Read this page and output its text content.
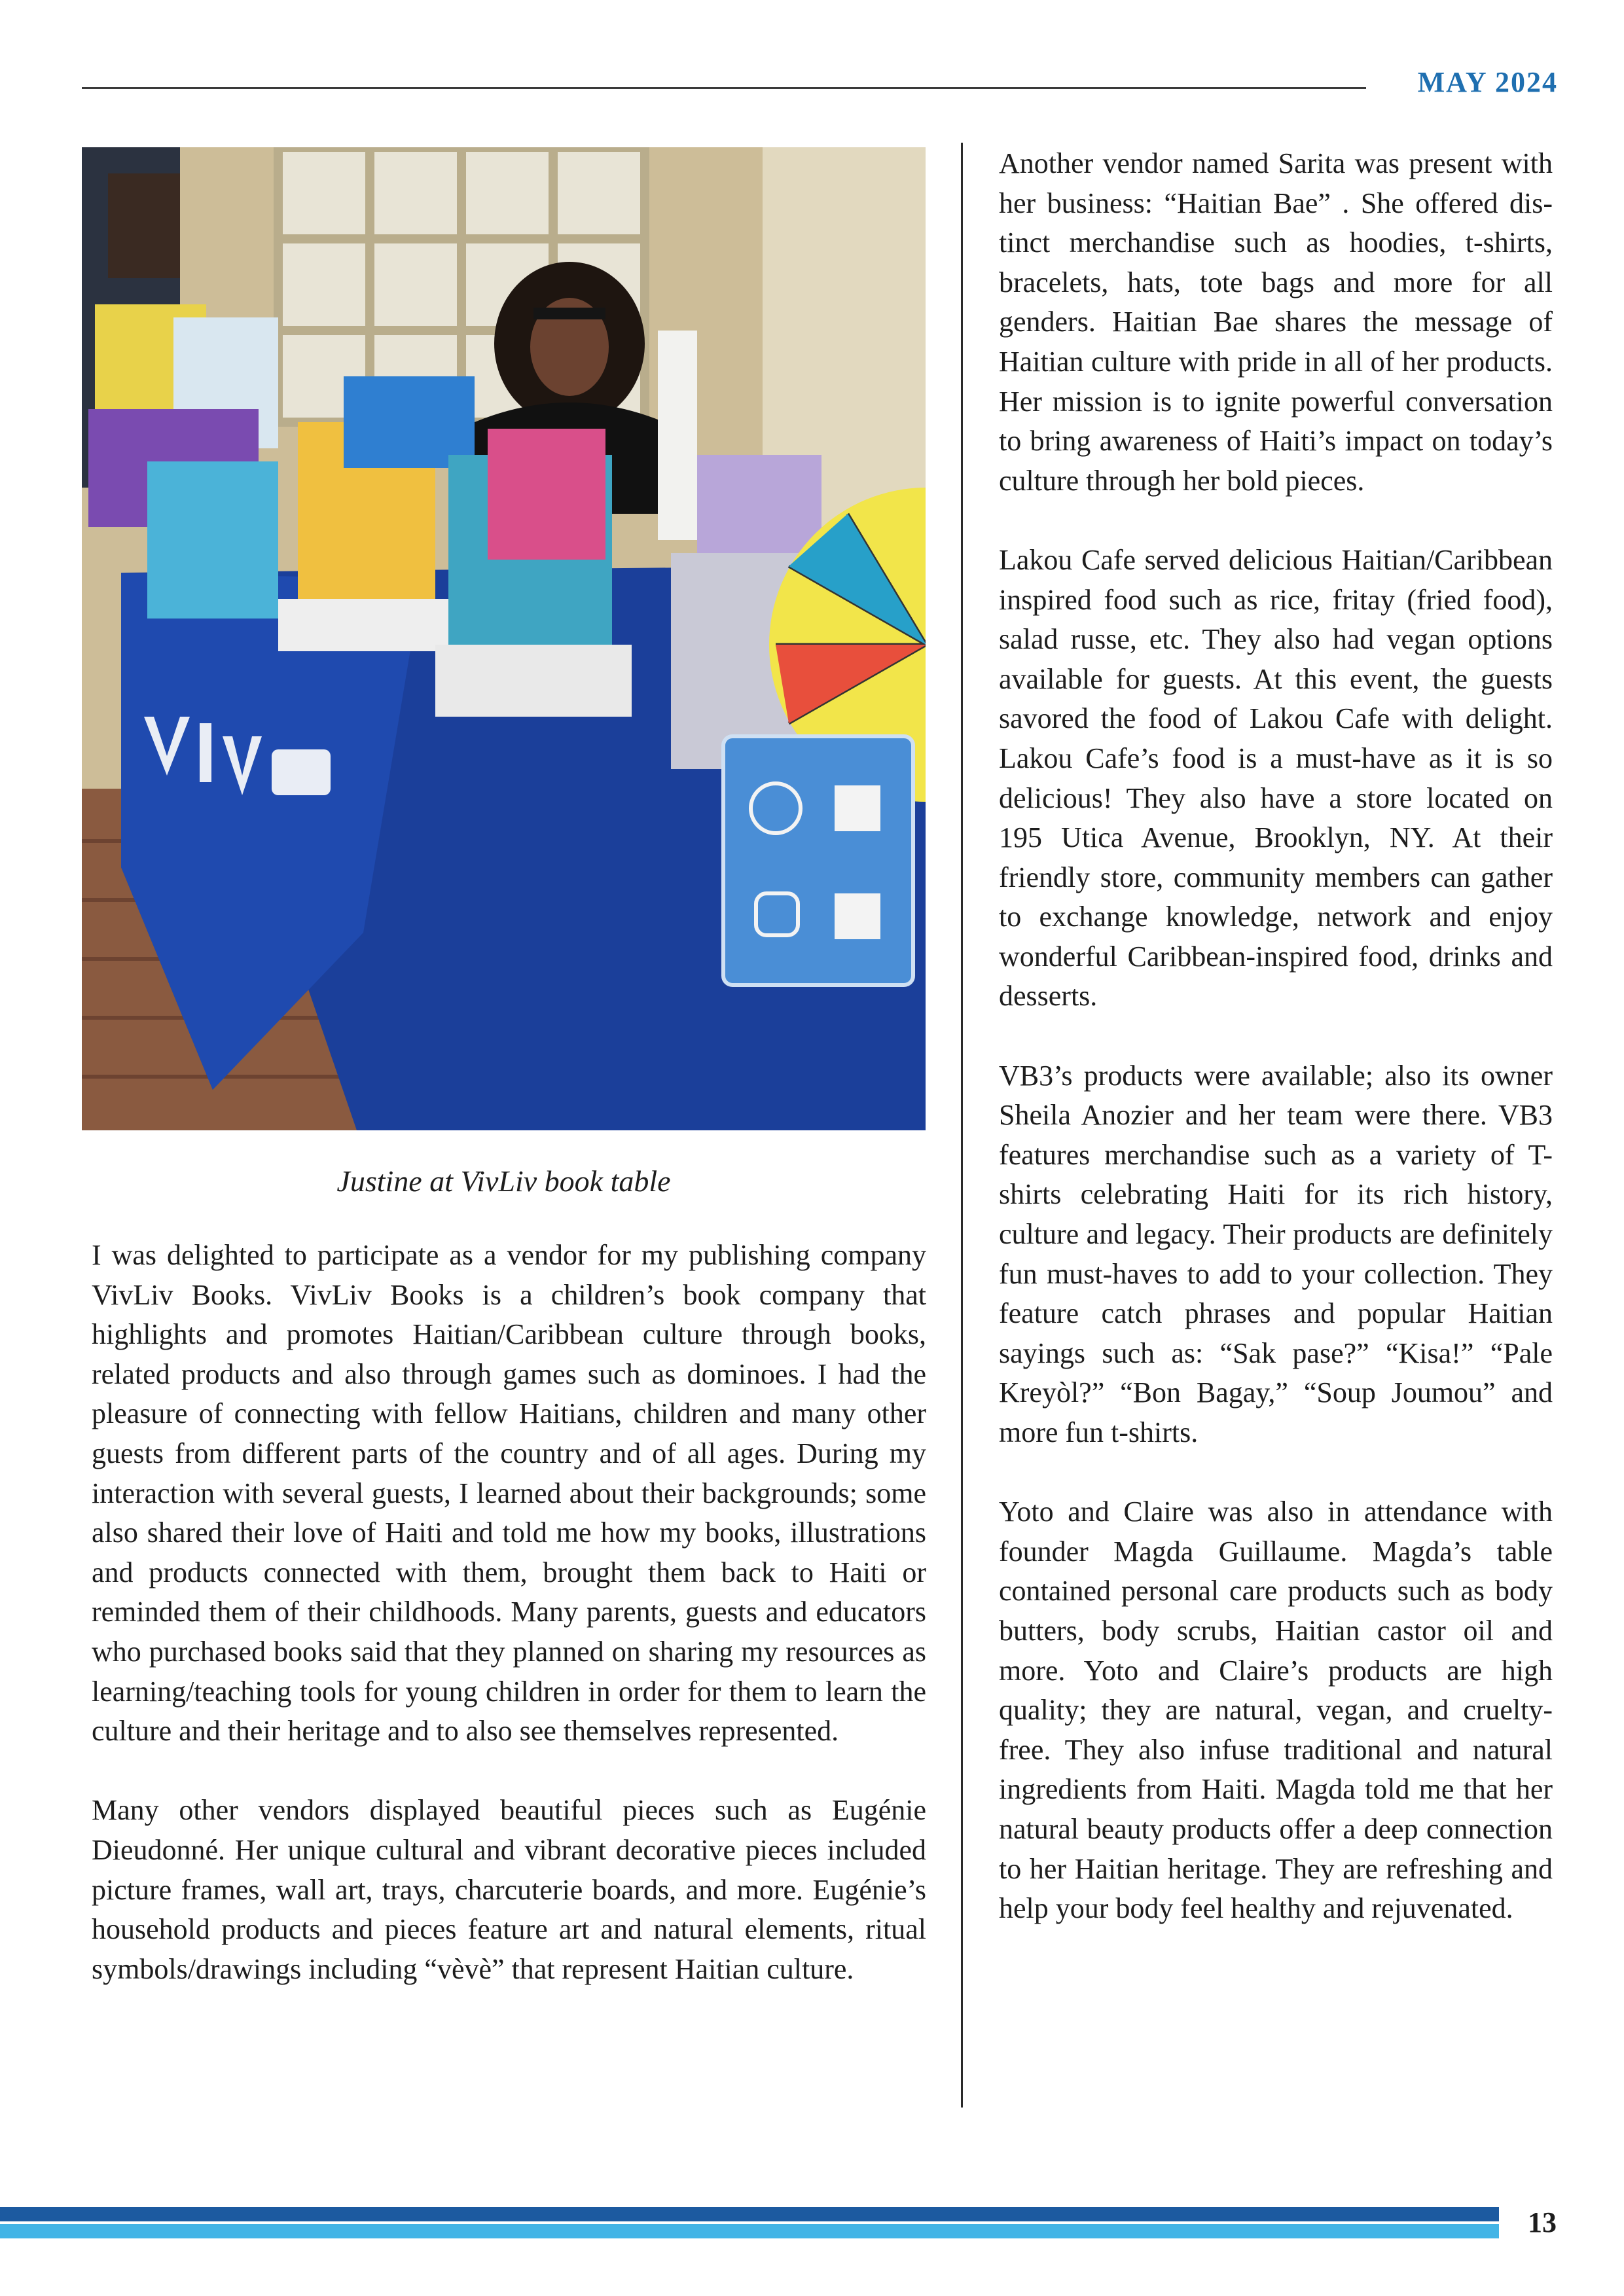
MAY 2024
Justine at VivLiv book table

I was delighted to participate as a vendor for my publishing company VivLiv Books. VivLiv Books is a children’s book company that highlights and promotes Haitian/Caribbean culture through books, related products and also through games such as dominoes. I had the pleasure of connecting with fellow Haitians, children and many other guests from different parts of the country and of all ages. During my interaction with several guests, I learned about their backgrounds; some also shared their love of Haiti and told me how my books, illustrations and products connected with them, brought them back to Haiti or reminded them of their childhoods. Many parents, guests and educators who purchased books said that they planned on sharing my resources as learning/teaching tools for young children in order for them to learn the culture and their heritage and to also see themselves represented.

Many other vendors displayed beautiful pieces such as Eugénie Dieudonné. Her unique cultural and vibrant decorative pieces included picture frames, wall art, trays, charcuterie boards, and more. Eugénie’s household products and pieces feature art and natural elements, ritual symbols/drawings including “vèvè” that represent Haitian culture.

Another vendor named Sarita was present with her business: “Haitian Bae” . She offered dis-tinct merchandise such as hoodies, t-shirts, bracelets, hats, tote bags and more for all genders. Haitian Bae shares the message of Haitian culture with pride in all of her products. Her mission is to ignite powerful conversation to bring awareness of Haiti’s impact on today’s culture through her bold pieces.

Lakou Cafe served delicious Haitian/Caribbean inspired food such as rice, fritay (fried food), salad russe, etc. They also had vegan options available for guests. At this event, the guests savored the food of Lakou Cafe with delight. Lakou Cafe’s food is a must-have as it is so delicious! They also have a store located on 195 Utica Avenue, Brooklyn, NY. At their friendly store, community members can gather to exchange knowledge, network and enjoy wonderful Caribbean-inspired food, drinks and desserts.

VB3’s products were available; also its owner Sheila Anozier and her team were there. VB3 features merchandise such as a variety of T-shirts celebrating Haiti for its rich history, culture and legacy. Their products are definitely fun must-haves to add to your collection. They feature catch phrases and popular Haitian sayings such as: “Sak pase?” “Kisa!” “Pale Kreyòl?” “Bon Bagay,” “Soup Joumou” and more fun t-shirts.

Yoto and Claire was also in attendance with founder Magda Guillaume. Magda’s table contained personal care products such as body butters, body scrubs, Haitian castor oil and more. Yoto and Claire’s products are high quality; they are natural, vegan, and cruelty-free. They also infuse traditional and natural ingredients from Haiti. Magda told me that her natural beauty products offer a deep connection to her Haitian heritage. They are refreshing and help your body feel healthy and rejuvenated.

13
